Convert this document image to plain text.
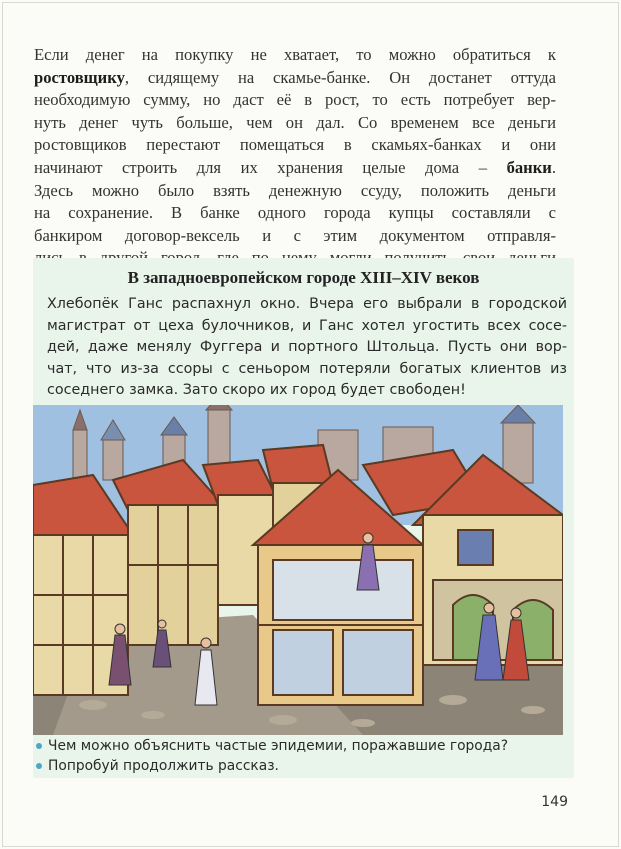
Если денег на покупку не хватает, то можно обратиться к
ростовщику, сидящему на скамье-банке. Он достанет оттуда
необходимую сумму, но даст её в рост, то есть потребует вер-
нуть денег чуть больше, чем он дал. Со временем все деньги
ростовщиков перестают помещаться в скамьях-банках и они
начинают строить для их хранения целые дома – банки.
Здесь можно было взять денежную ссуду, положить деньги
на сохранение. В банке одного города купцы составляли с
банкиром договор-вексель и с этим документом отправля-
В западноевропейском городе XIII–XIV веков
Хлебопёк Ганс распахнул окно. Вчера его выбрали в городской
магистрат от цеха булочников, и Ганс хотел угостить всех сосе-
дей, даже менялу Фуггера и портного Штольца. Пусть они вор-
чат, что из-за ссоры с сеньором потеряли богатых клиентов из
соседнего замка. Зато скоро их город будет свободен!
Чем можно объяснить частые эпидемии, поражавшие города?
Попробуй продолжить рассказ.
149
